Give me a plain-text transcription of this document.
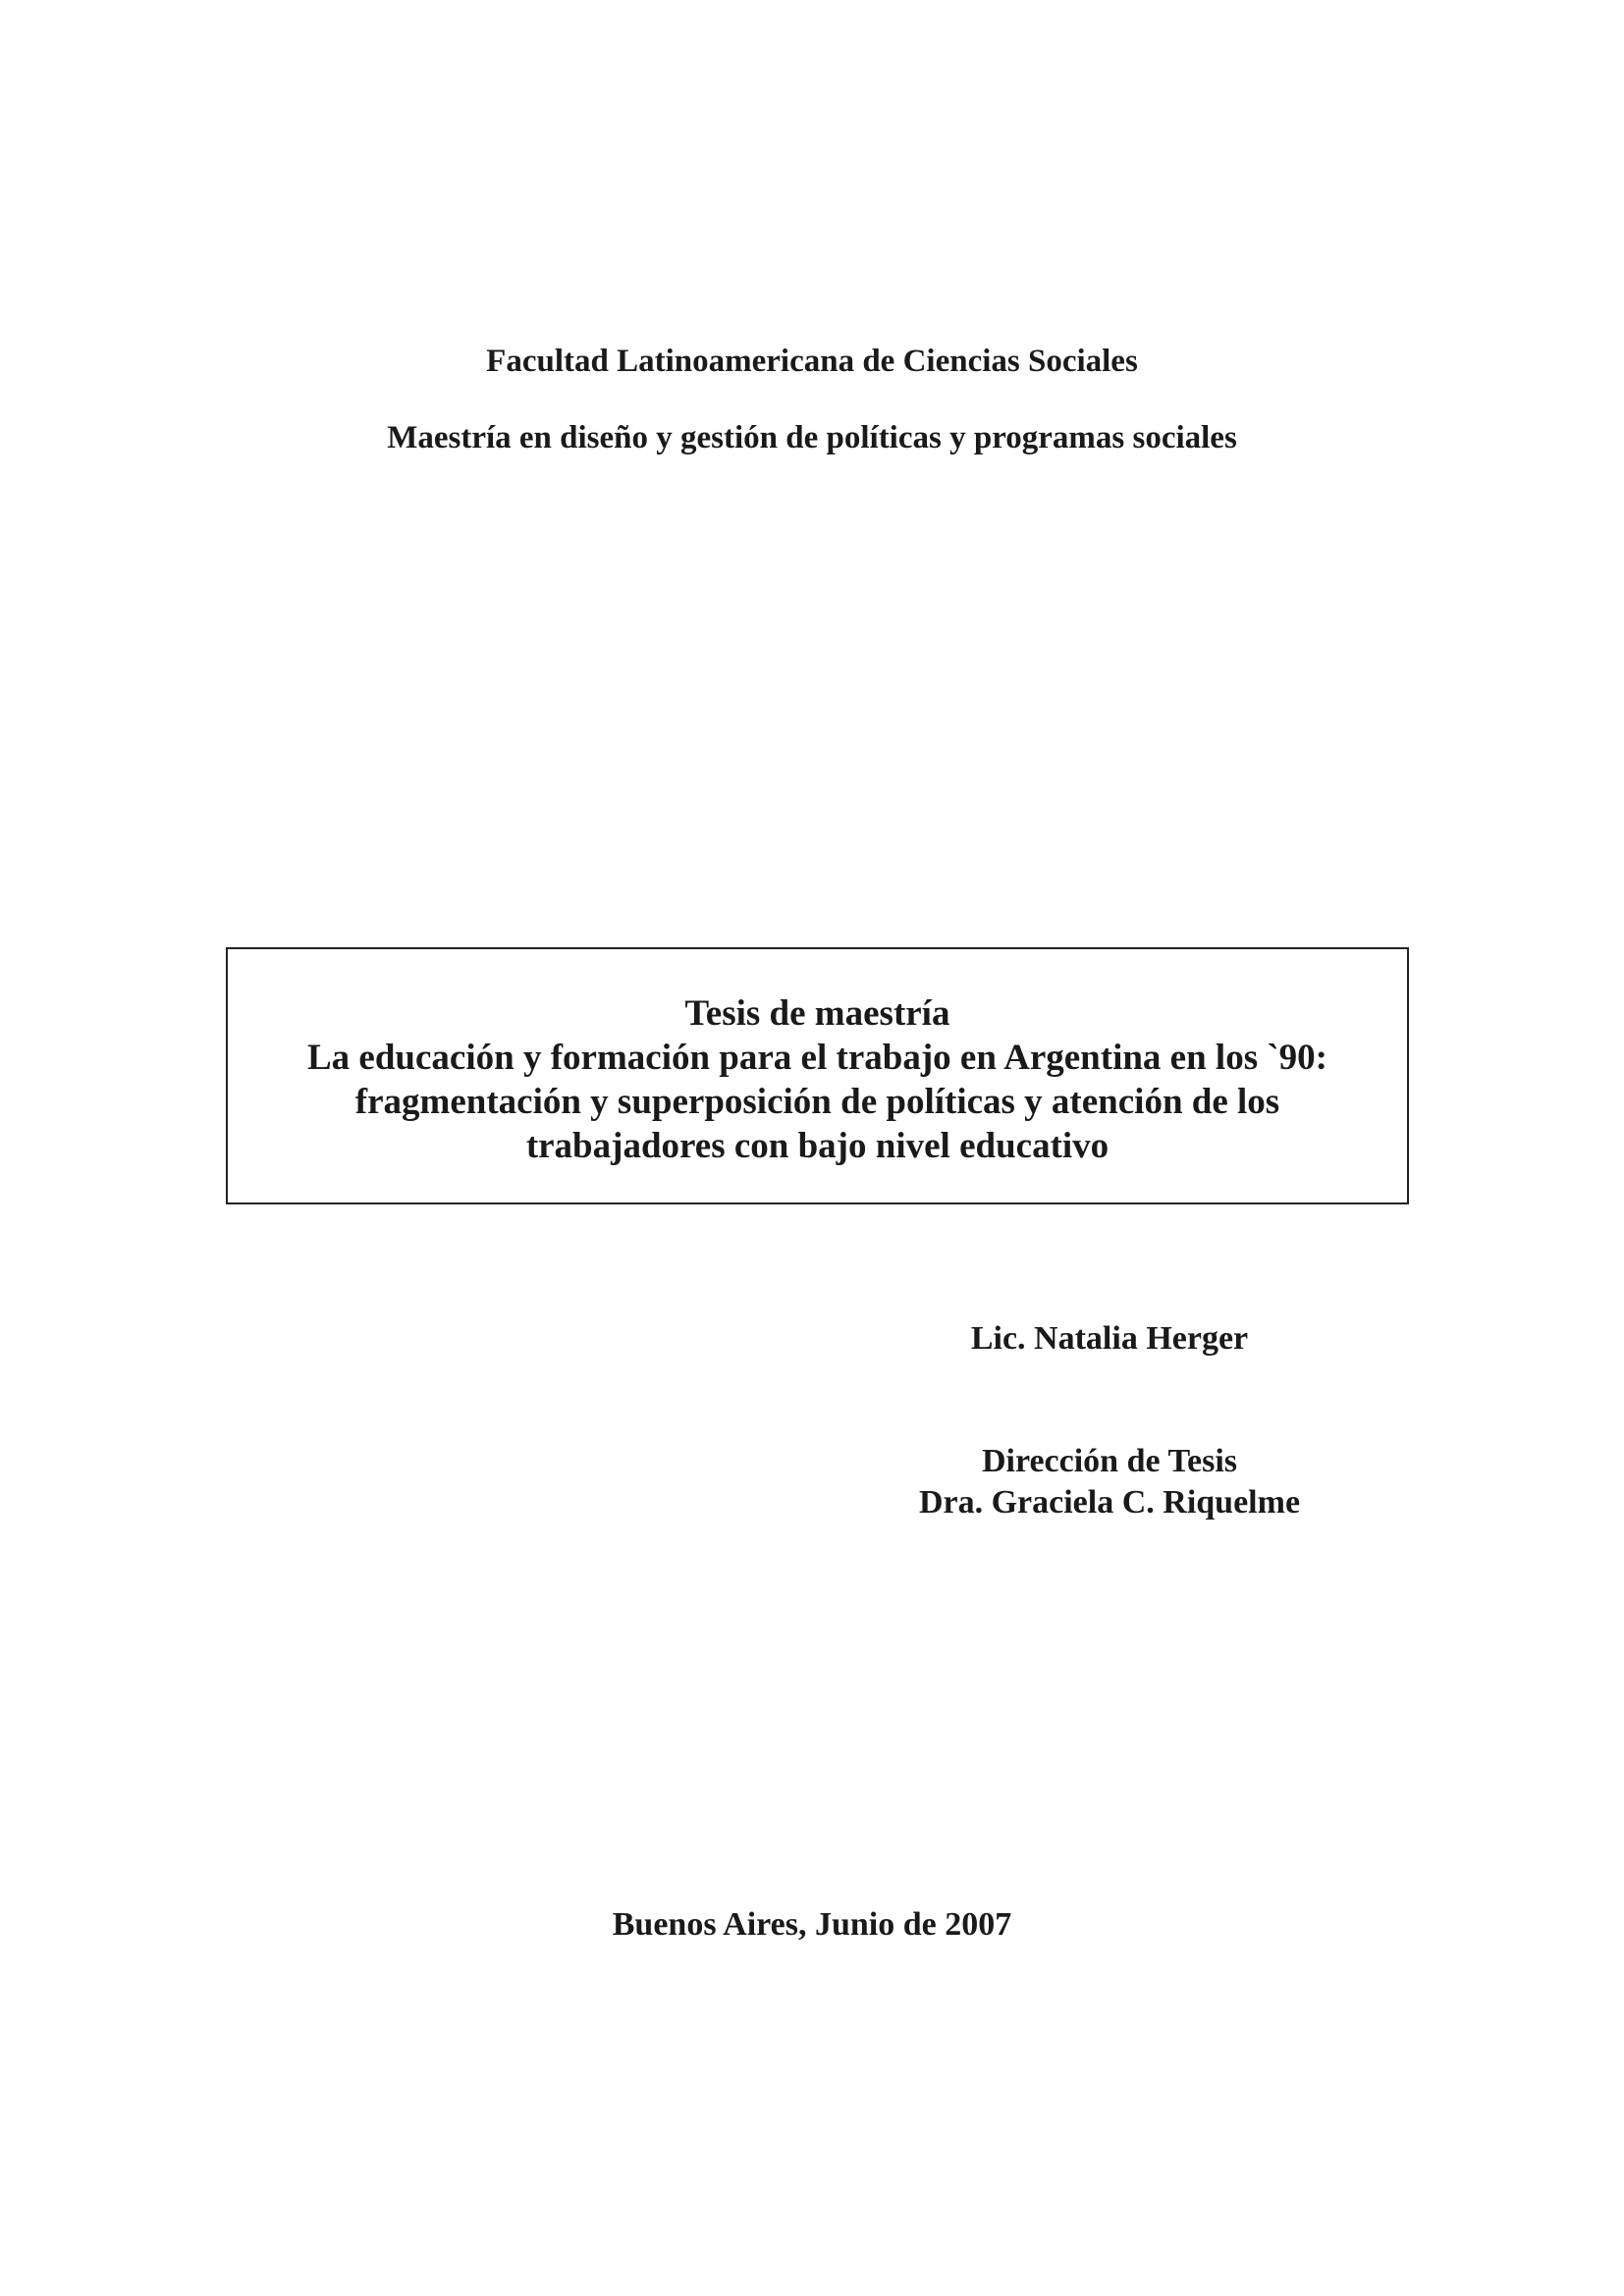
Facultad Latinoamericana de Ciencias Sociales
Maestría en diseño y gestión de políticas y programas sociales
Tesis de maestría
La educación y formación para el trabajo en Argentina en los `90:
fragmentación y superposición de políticas y atención de los
trabajadores con bajo nivel educativo
Lic. Natalia Herger
Dirección de Tesis
Dra. Graciela C. Riquelme
Buenos Aires, Junio de 2007
